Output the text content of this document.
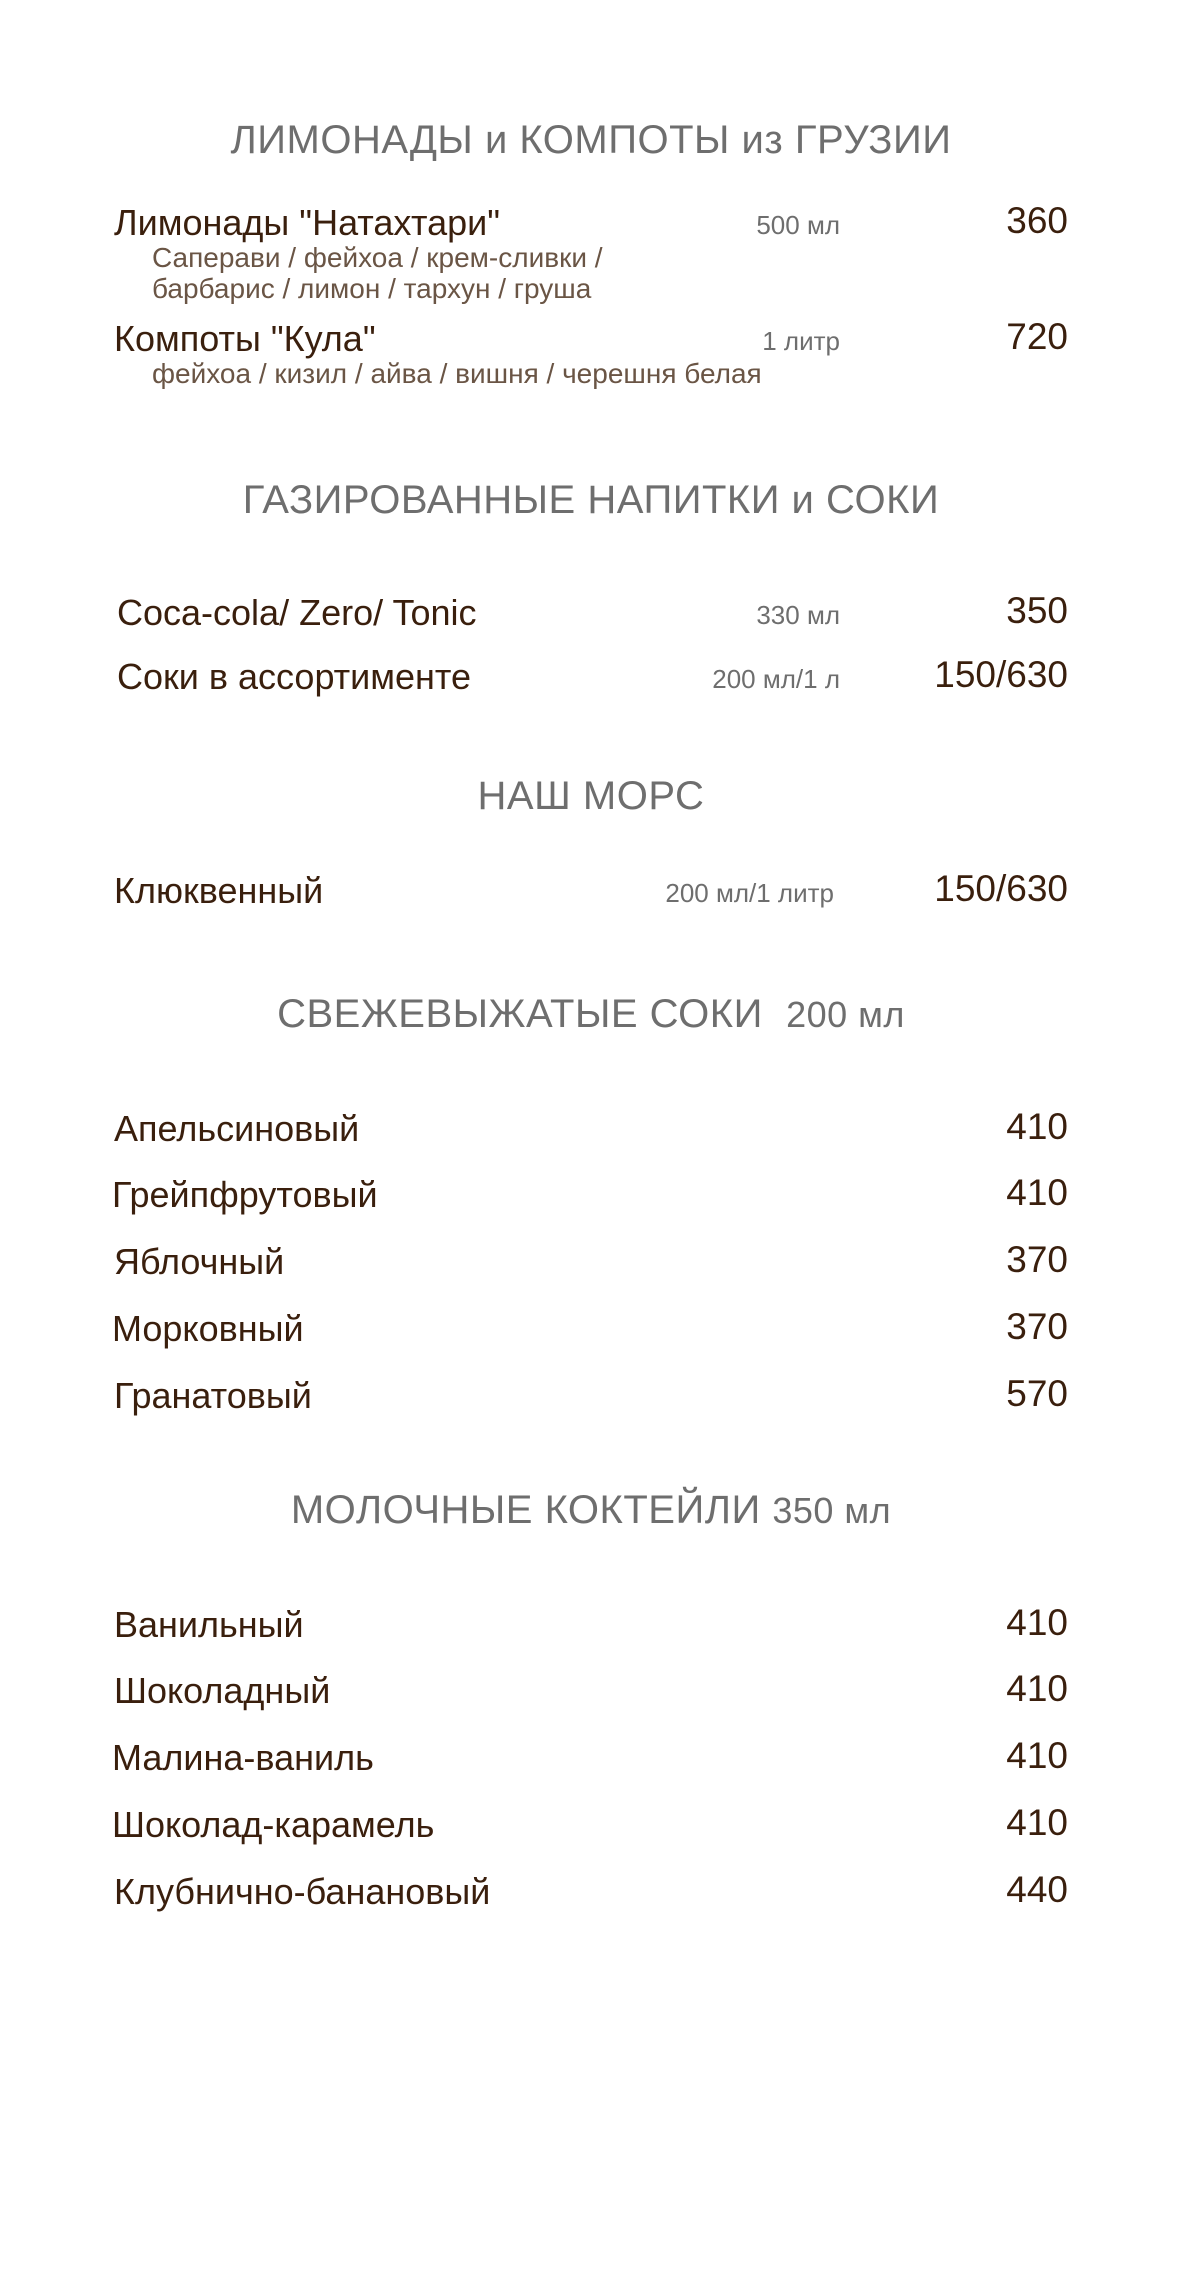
ЛИМОНАДЫ и КОМПОТЫ из ГРУЗИИ
Лимонады "Натахтари"	500 мл	360
Саперави / фейхоа / крем-сливки /
барбарис / лимон / тархун / груша
Компоты "Кула"	1 литр	720
фейхоа / кизил / айва / вишня / черешня белая
ГАЗИРОВАННЫЕ НАПИТКИ и СОКИ
Coca-cola/ Zero/ Tonic	330 мл	350
Соки в ассортименте	200 мл/1 л	150/630
НАШ МОРС
Клюквенный	200 мл/1 литр	150/630
СВЕЖЕВЫЖАТЫЕ СОКИ 200 мл
Апельсиновый	410
Грейпфрутовый	410
Яблочный	370
Морковный	370
Гранатовый	570
МОЛОЧНЫЕ КОКТЕЙЛИ 350 мл
Ванильный	410
Шоколадный	410
Малина-ваниль	410
Шоколад-карамель	410
Клубнично-банановый	440
